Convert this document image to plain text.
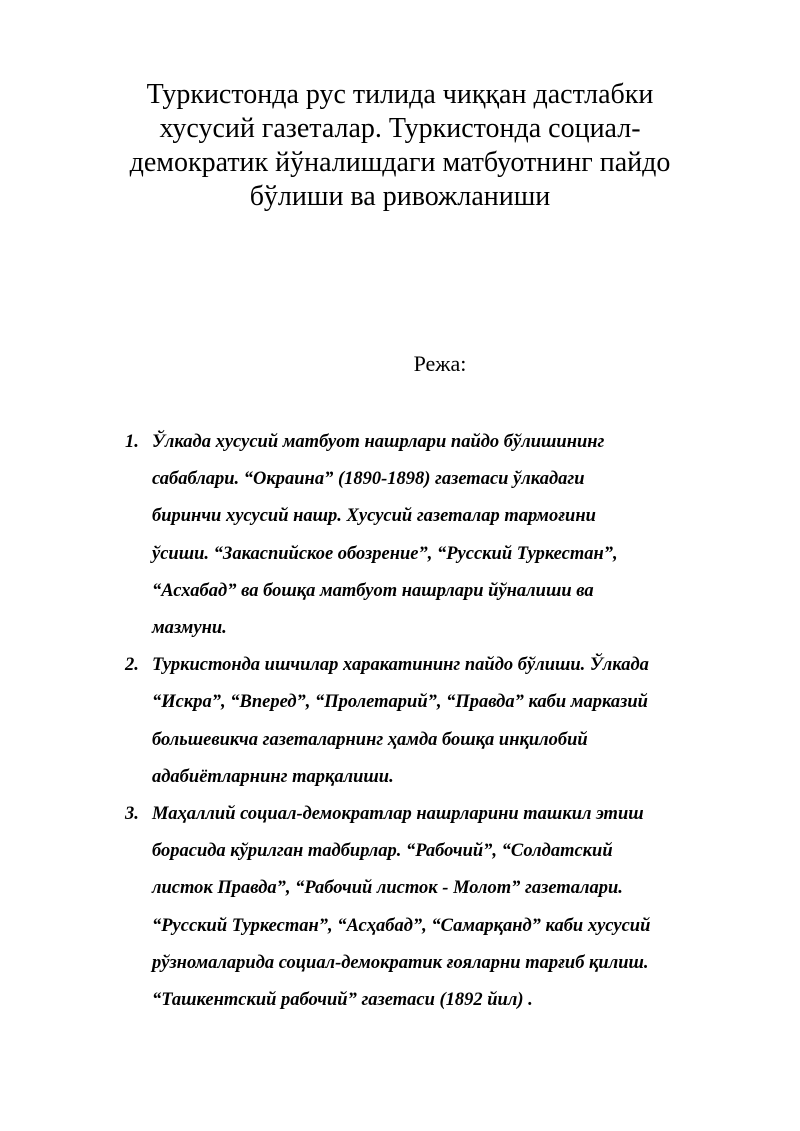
Туркистонда рус тилида чиққан дастлабки
хусусий газеталар. Туркистонда социал-
демократик йўналишдаги матбуотнинг пайдо
бўлиши ва ривожланиши
Режа:
1. Ўлкада хусусий матбуот нашрлари пайдо бўлишининг
сабаблари. “Окраина” (1890-1898) газетаси ўлкадаги
биринчи хусусий нашр. Хусусий газеталар тармоғини
ўсиши. “Закаспийское обозрение”, “Русский Туркестан”,
“Асхабад” ва бошқа матбуот нашрлари йўналиши ва
мазмуни.
2. Туркистонда ишчилар харакатининг пайдо бўлиши. Ўлкада
“Искра”, “Вперед”, “Пролетарий”, “Правда” каби марказий
большевикча газеталарнинг ҳамда бошқа инқилобий
адабиётларнинг тарқалиши.
3. Маҳаллий социал-демократлар нашрларини ташкил этиш
борасида кўрилган тадбирлар. “Рабочий”, “Солдатский
листок Правда”, “Рабочий листок - Молот” газеталари.
“Русский Туркестан”, “Асҳабад”, “Самарқанд” каби хусусий
рўзномаларида социал-демократик ғояларни тарғиб қилиш.
“Ташкентский рабочий” газетаси (1892 йил) .
